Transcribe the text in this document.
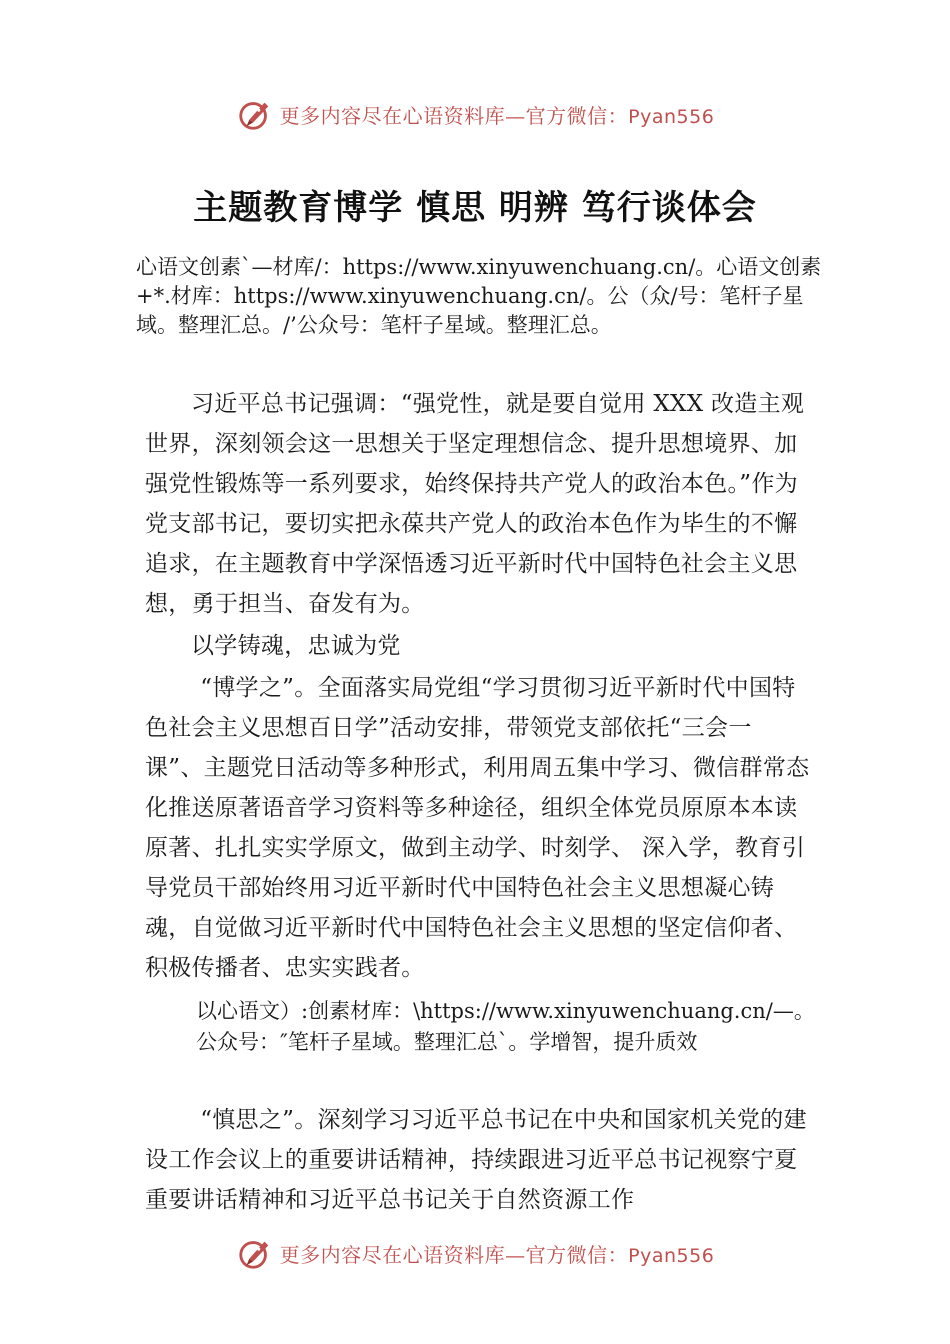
更多内容尽在心语资料库—官方微信：Pyan556
主题教育博学 慎思 明辨 笃行谈体会
心语文创素`—材库/：https://www.xinyuwenchuang.cn/。心语文创素+*.材库：https://www.xinyuwenchuang.cn/。公（众/号：笔杆子星域。整理汇总。/’公众号：笔杆子星域。整理汇总。
习近平总书记强调：“强党性，就是要自觉用 XXX 改造主观世界，深刻领会这一思想关于坚定理想信念、提升思想境界、加强党性锻炼等一系列要求，始终保持共产党人的政治本色。”作为党支部书记，要切实把永葆共产党人的政治本色作为毕生的不懈追求，在主题教育中学深悟透习近平新时代中国特色社会主义思想，勇于担当、奋发有为。
以学铸魂，忠诚为党
“博学之”。全面落实局党组“学习贯彻习近平新时代中国特色社会主义思想百日学”活动安排，带领党支部依托“三会一课”、主题党日活动等多种形式，利用周五集中学习、微信群常态化推送原著语音学习资料等多种途径，组织全体党员原原本本读原著、扎扎实实学原文，做到主动学、时刻学、 深入学，教育引导党员干部始终用习近平新时代中国特色社会主义思想凝心铸魂，自觉做习近平新时代中国特色社会主义思想的坚定信仰者、积极传播者、忠实实践者。
以心语文）:创素材库：\https://www.xinyuwenchuang.cn/—。公众号：″笔杆子星域。整理汇总`。学增智，提升质效
“慎思之”。深刻学习习近平总书记在中央和国家机关党的建设工作会议上的重要讲话精神，持续跟进习近平总书记视察宁夏重要讲话精神和习近平总书记关于自然资源工作
更多内容尽在心语资料库—官方微信：Pyan556
